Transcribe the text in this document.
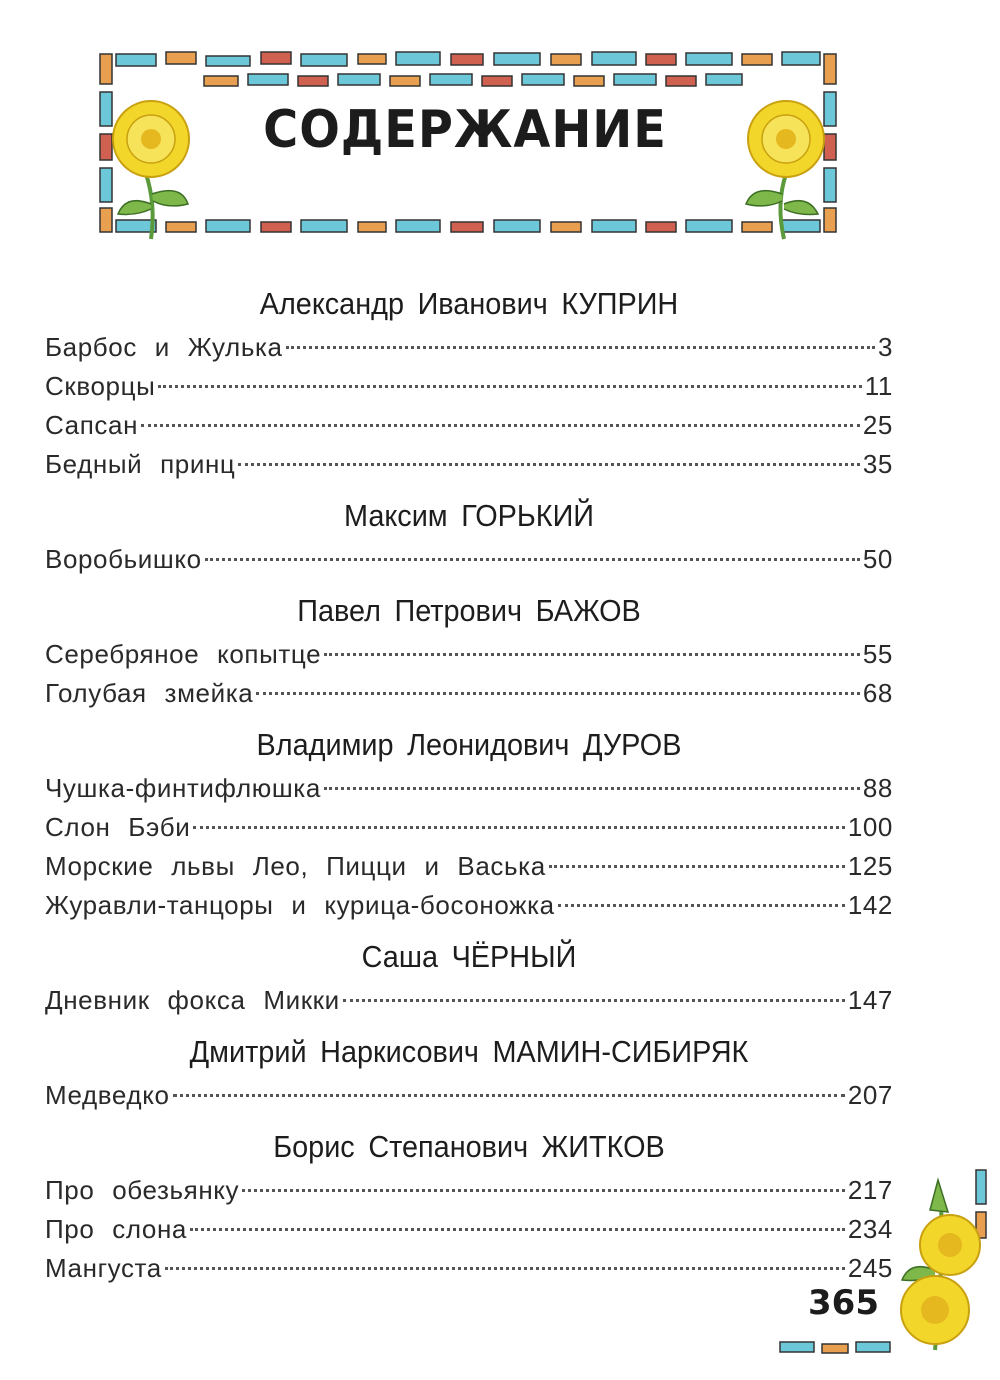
СОДЕРЖАНИЕ
Александр Иванович КУПРИН
Барбос и Жулька	3
Скворцы	11
Сапсан	25
Бедный принц	35
Максим ГОРЬКИЙ
Воробьишко	50
Павел Петрович БАЖОВ
Серебряное копытце	55
Голубая змейка	68
Владимир Леонидович ДУРОВ
Чушка-финтифлюшка	88
Слон Бэби	100
Морские львы Лео, Пицци и Васька	125
Журавли-танцоры и курица-босоножка	142
Саша ЧЁРНЫЙ
Дневник фокса Микки	147
Дмитрий Наркисович МАМИН-СИБИРЯК
Медведко	207
Борис Степанович ЖИТКОВ
Про обезьянку	217
Про слона	234
Мангуста	245
365
